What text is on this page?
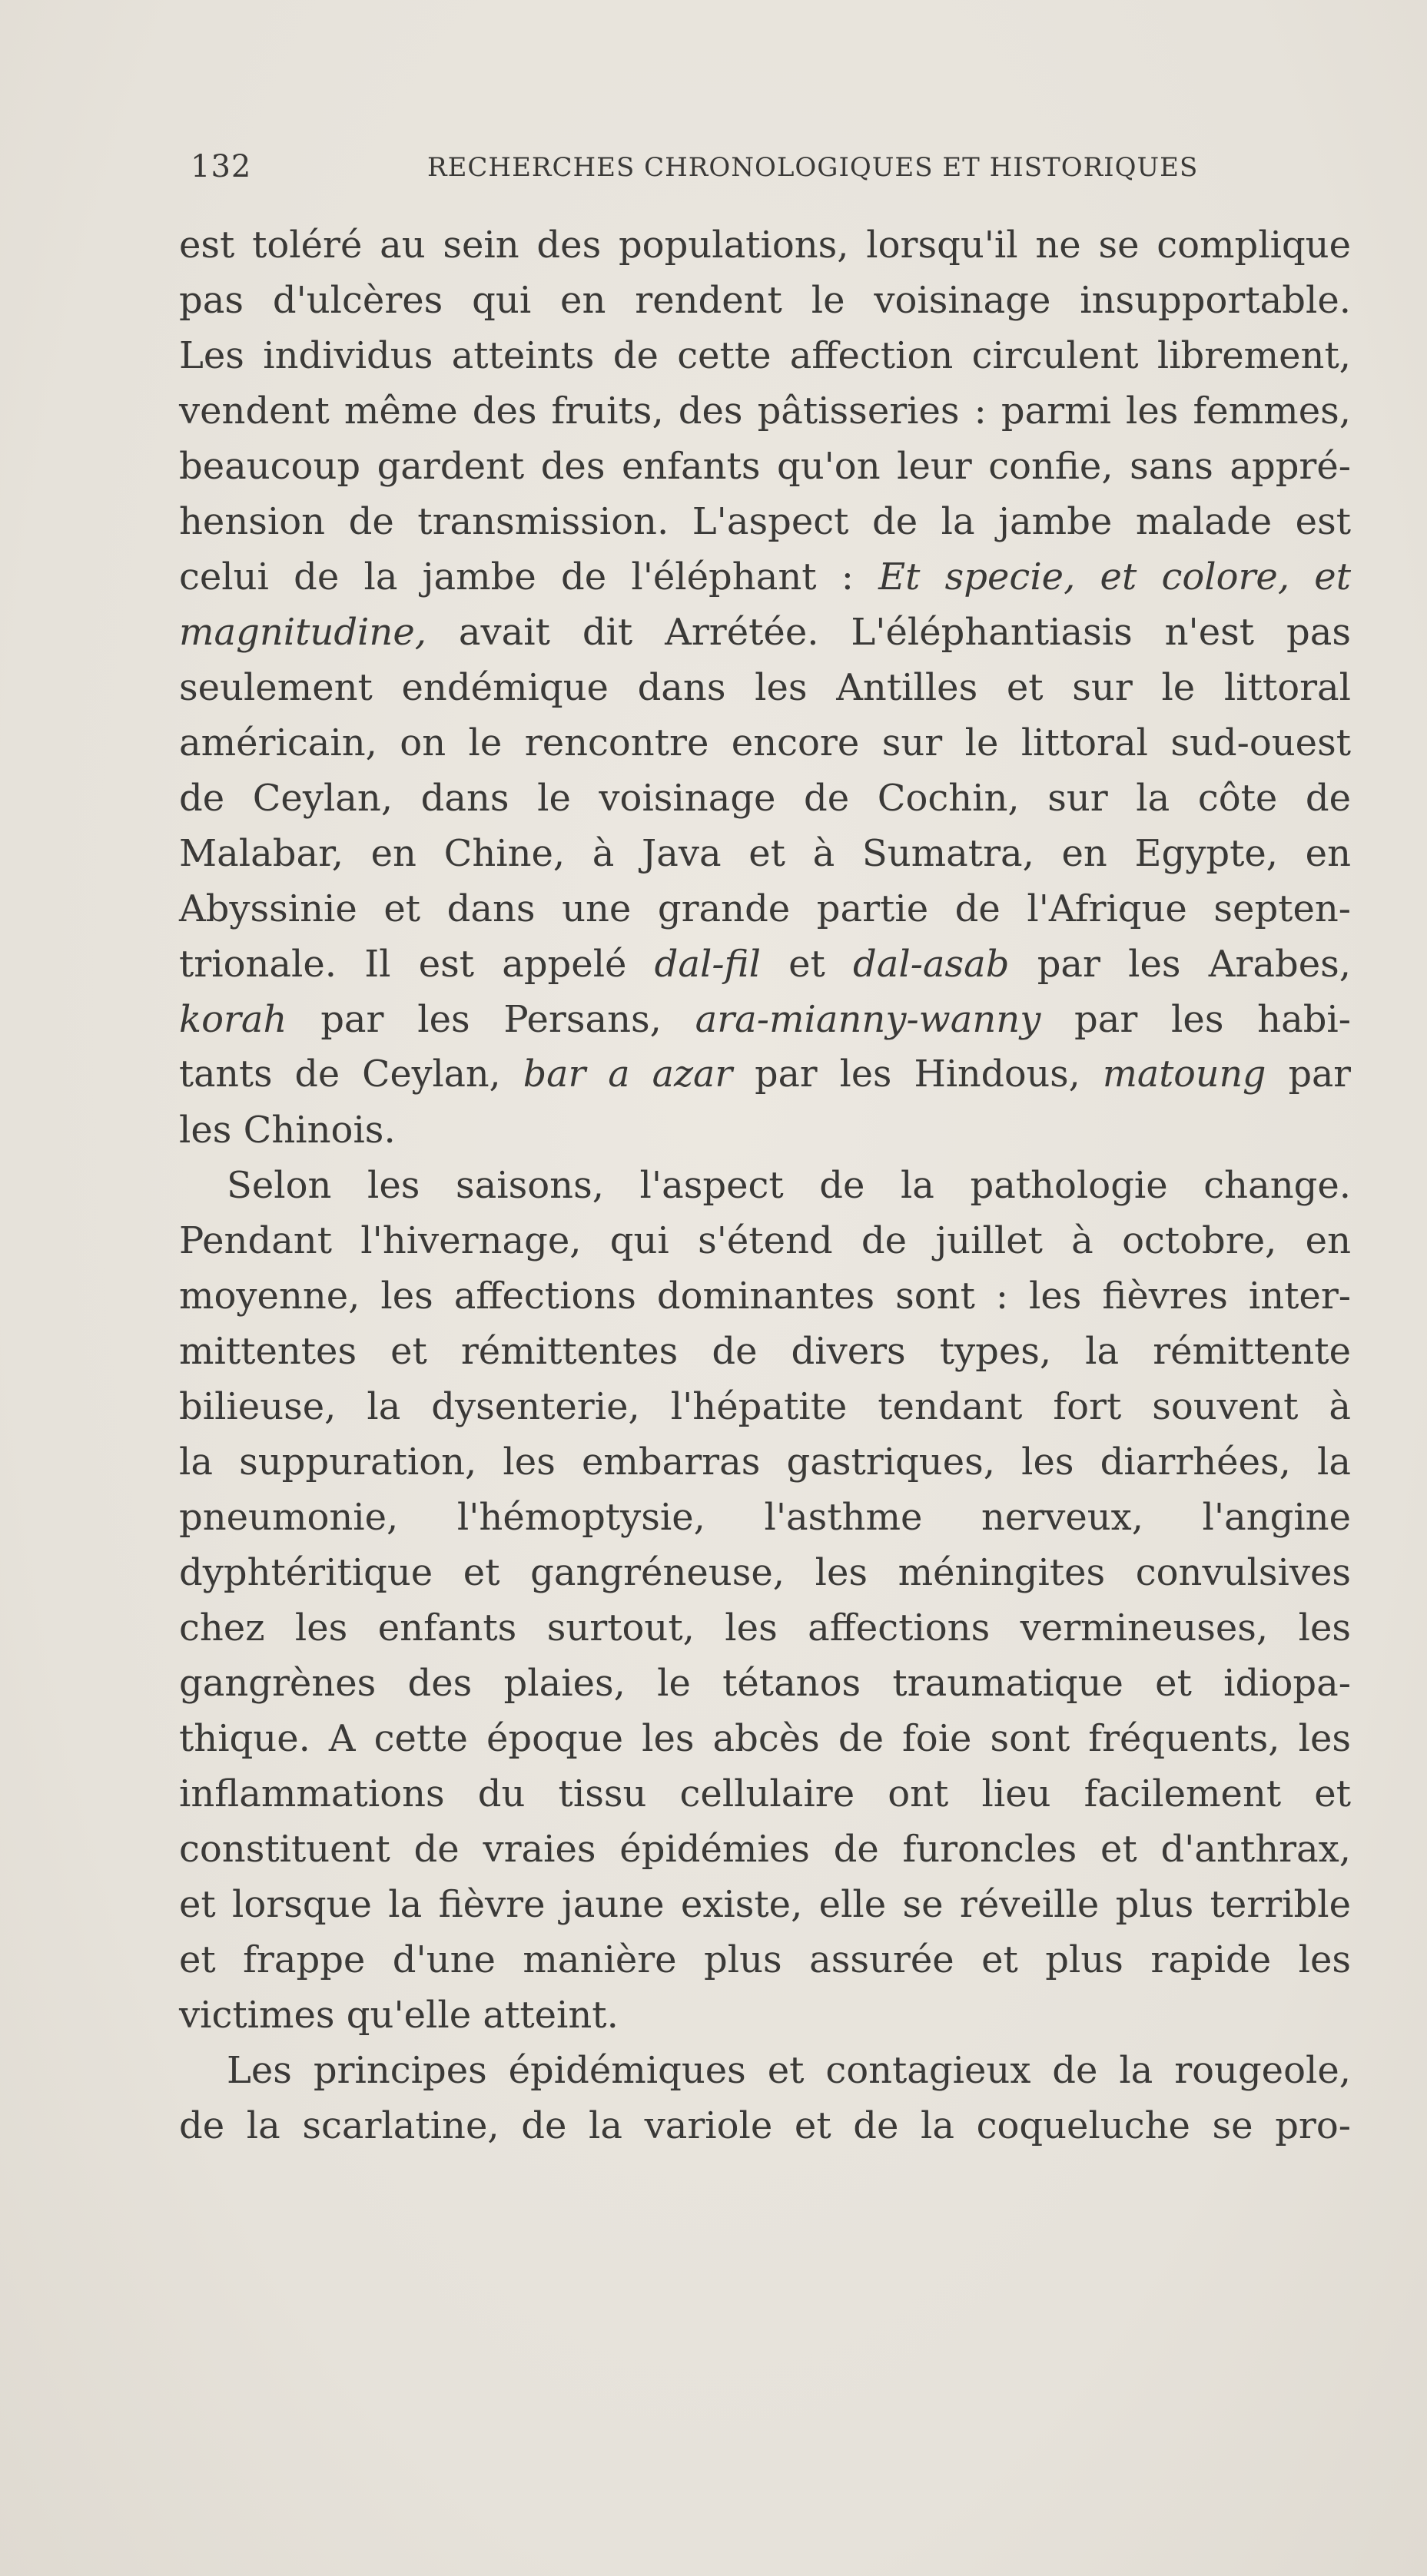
132	RECHERCHES CHRONOLOGIQUES ET HISTORIQUES
est toléré au sein des populations, lorsqu'il ne se complique
pas d'ulcères qui en rendent le voisinage insupportable.
Les individus atteints de cette affection circulent librement,
vendent même des fruits, des pâtisseries : parmi les femmes,
beaucoup gardent des enfants qu'on leur confie, sans appré-
hension de transmission. L'aspect de la jambe malade est
celui de la jambe de l'éléphant : Et specie, et colore, et
magnitudine, avait dit Arrétée. L'éléphantiasis n'est pas
seulement endémique dans les Antilles et sur le littoral
américain, on le rencontre encore sur le littoral sud-ouest
de Ceylan, dans le voisinage de Cochin, sur la côte de
Malabar, en Chine, à Java et à Sumatra, en Egypte, en
Abyssinie et dans une grande partie de l'Afrique septen-
trionale. Il est appelé dal-fil et dal-asab par les Arabes,
korah par les Persans, ara-mianny-wanny par les habi-
tants de Ceylan, bar a azar par les Hindous, matoung par
les Chinois.
Selon les saisons, l'aspect de la pathologie change.
Pendant l'hivernage, qui s'étend de juillet à octobre, en
moyenne, les affections dominantes sont : les fièvres inter-
mittentes et rémittentes de divers types, la rémittente
bilieuse, la dysenterie, l'hépatite tendant fort souvent à
la suppuration, les embarras gastriques, les diarrhées, la
pneumonie, l'hémoptysie, l'asthme nerveux, l'angine
dyphtéritique et gangréneuse, les méningites convulsives
chez les enfants surtout, les affections vermineuses, les
gangrènes des plaies, le tétanos traumatique et idiopa-
thique. A cette époque les abcès de foie sont fréquents, les
inflammations du tissu cellulaire ont lieu facilement et
constituent de vraies épidémies de furoncles et d'anthrax,
et lorsque la fièvre jaune existe, elle se réveille plus terrible
et frappe d'une manière plus assurée et plus rapide les
victimes qu'elle atteint.
Les principes épidémiques et contagieux de la rougeole,
de la scarlatine, de la variole et de la coqueluche se pro-
